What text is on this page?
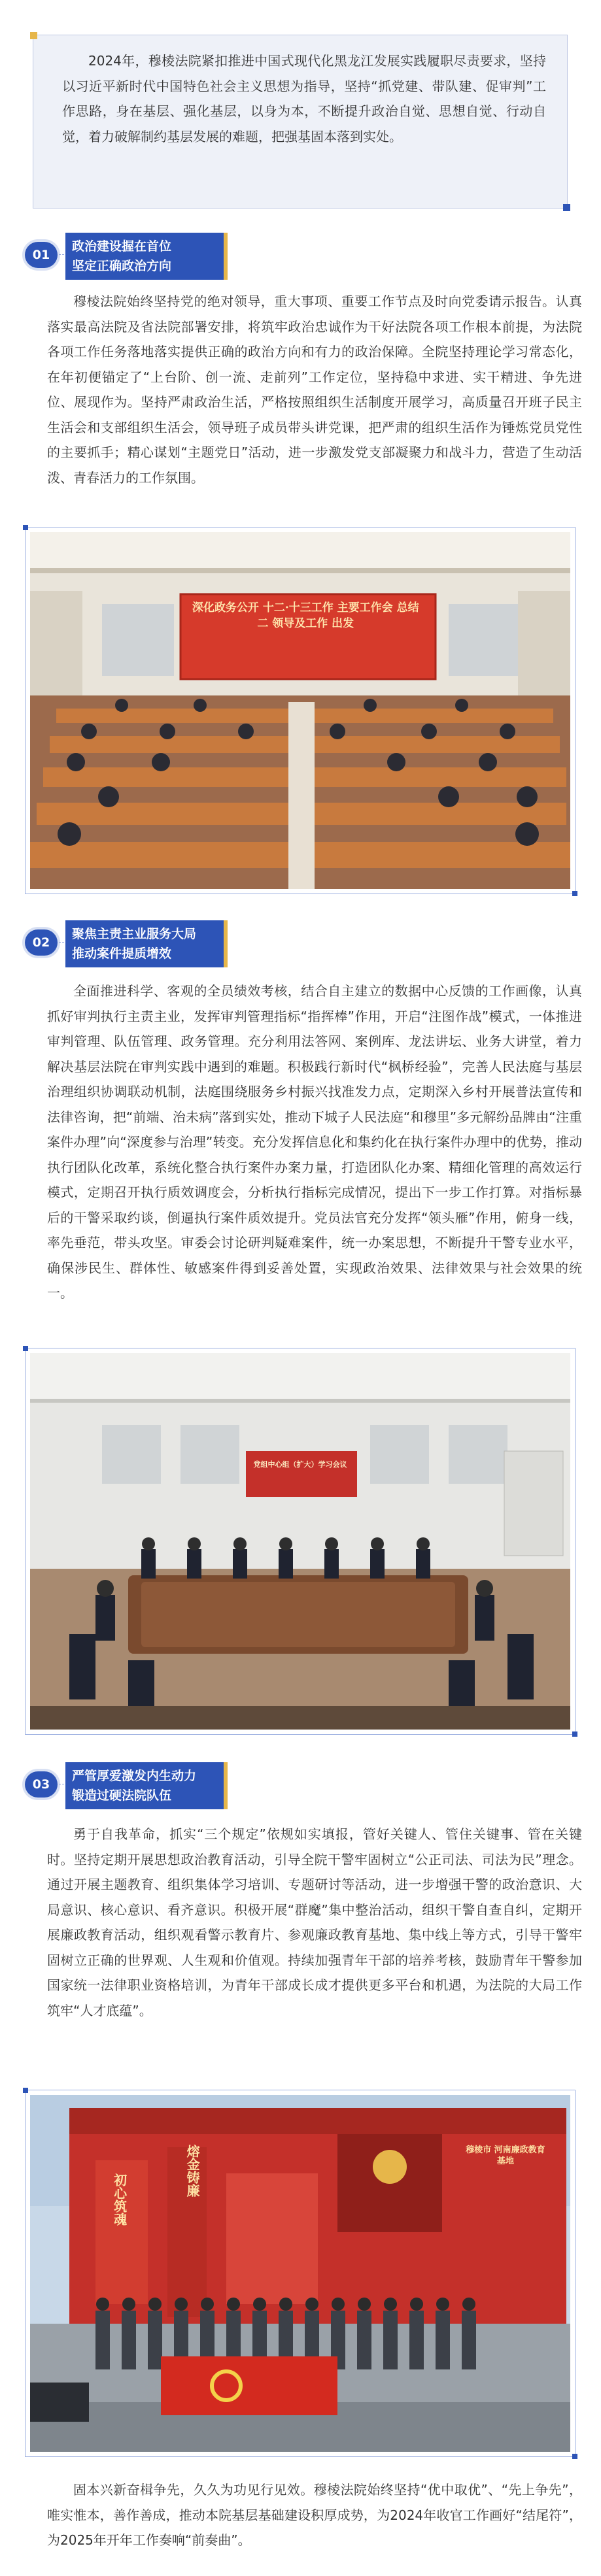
2024年，穆棱法院紧扣推进中国式现代化黑龙江发展实践履职尽责要求，坚持以习近平新时代中国特色社会主义思想为指导，坚持“抓党建、带队建、促审判”工作思路，身在基层、强化基层，以身为本，不断提升政治自觉、思想自觉、行动自觉，着力破解制约基层发展的难题，把强基固本落到实处。

01
政治建设握在首位
坚定正确政治方向

穆棱法院始终坚持党的绝对领导，重大事项、重要工作节点及时向党委请示报告。认真落实最高法院及省法院部署安排，将筑牢政治忠诚作为干好法院各项工作根本前提，为法院各项工作任务落地落实提供正确的政治方向和有力的政治保障。全院坚持理论学习常态化，在年初便锚定了“上台阶、创一流、走前列”工作定位，坚持稳中求进、实干精进、争先进位、展现作为。坚持严肃政治生活，严格按照组织生活制度开展学习，高质量召开班子民主生活会和支部组织生活会，领导班子成员带头讲党课，把严肃的组织生活作为锤炼党员党性的主要抓手；精心谋划“主题党日”活动，进一步激发党支部凝聚力和战斗力，营造了生动活泼、青春活力的工作氛围。

深化政务公开 十二·十三工作 主要工作会 总结 二 领导及工作 出发
02
聚焦主责主业服务大局
推动案件提质增效

全面推进科学、客观的全员绩效考核，结合自主建立的数据中心反馈的工作画像，认真抓好审判执行主责主业，发挥审判管理指标“指挥棒”作用，开启“注图作战”模式，一体推进审判管理、队伍管理、政务管理。充分利用法答网、案例库、龙法讲坛、业务大讲堂，着力解决基层法院在审判实践中遇到的难题。积极践行新时代“枫桥经验”，完善人民法庭与基层治理组织协调联动机制，法庭围绕服务乡村振兴找准发力点，定期深入乡村开展普法宣传和法律咨询，把“前端、治未病”落到实处，推动下城子人民法庭“和穆里”多元解纷品牌由“注重案件办理”向“深度参与治理”转变。充分发挥信息化和集约化在执行案件办理中的优势，推动执行团队化改革，系统化整合执行案件办案力量，打造团队化办案、精细化管理的高效运行模式，定期召开执行质效调度会，分析执行指标完成情况，提出下一步工作打算。对指标暴后的干警采取约谈，倒逼执行案件质效提升。党员法官充分发挥“领头雁”作用，俯身一线，率先垂范，带头攻坚。审委会讨论研判疑难案件，统一办案思想，不断提升干警专业水平，确保涉民生、群体性、敏感案件得到妥善处置，实现政治效果、法律效果与社会效果的统一。

党组中心组（扩大）学习会议
03
严管厚爱激发内生动力
锻造过硬法院队伍

勇于自我革命，抓实“三个规定”依规如实填报，管好关键人、管住关键事、管在关键时。坚持定期开展思想政治教育活动，引导全院干警牢固树立“公正司法、司法为民”理念。通过开展主题教育、组织集体学习培训、专题研讨等活动，进一步增强干警的政治意识、大局意识、核心意识、看齐意识。积极开展“群魔”集中整治活动，组织干警自查自纠，定期开展廉政教育活动，组织观看警示教育片、参观廉政教育基地、集中线上等方式，引导干警牢固树立正确的世界观、人生观和价值观。持续加强青年干部的培养考核，鼓励青年干警参加国家统一法律职业资格培训，为青年干部成长成才提供更多平台和机遇，为法院的大局工作筑牢“人才底蕴”。

初心筑魂
熔金铸廉	穆棱市 河南廉政教育基地

固本兴新奋楫争先，久久为功见行见效。穆棱法院始终坚持“优中取优”、“先上争先”，唯实惟本，善作善成，推动本院基层基础建设积厚成势，为2024年收官工作画好“结尾符”，为2025年开年工作奏响“前奏曲”。
